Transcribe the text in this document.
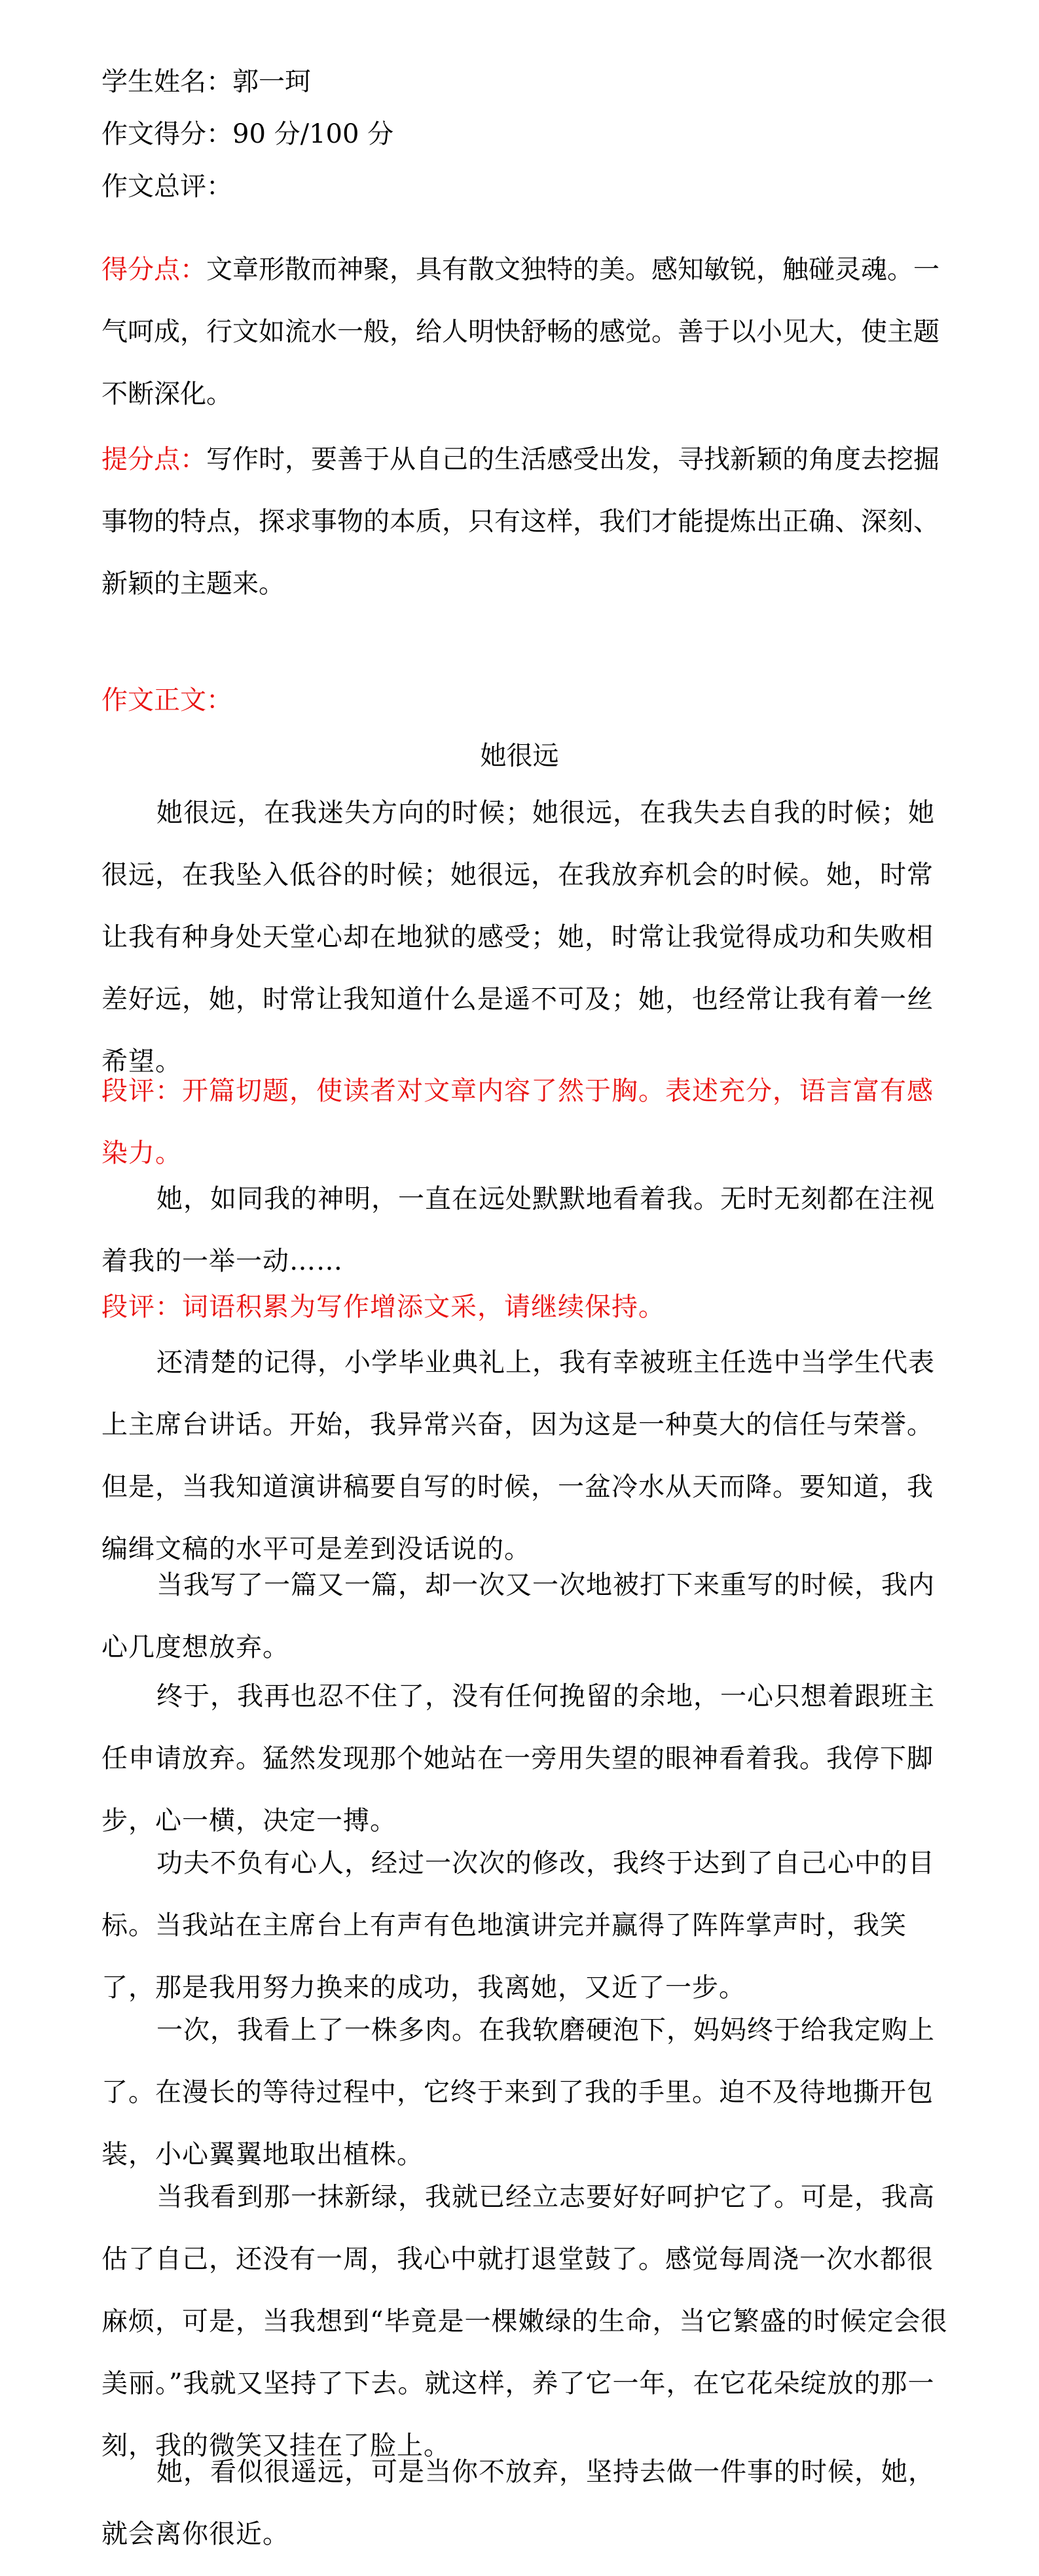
学生姓名：郭一珂
作文得分：90 分/100 分
作文总评：
得分点：文章形散而神聚，具有散文独特的美。感知敏锐，触碰灵魂。一气呵成，行文如流水一般，给人明快舒畅的感觉。善于以小见大，使主题不断深化。
提分点：写作时，要善于从自己的生活感受出发，寻找新颖的角度去挖掘事物的特点，探求事物的本质，只有这样，我们才能提炼出正确、深刻、新颖的主题来。
作文正文：
她很远
她很远，在我迷失方向的时候；她很远，在我失去自我的时候；她很远，在我坠入低谷的时候；她很远，在我放弃机会的时候。她，时常让我有种身处天堂心却在地狱的感受；她，时常让我觉得成功和失败相差好远，她，时常让我知道什么是遥不可及；她，也经常让我有着一丝希望。
段评：开篇切题，使读者对文章内容了然于胸。表述充分，语言富有感染力。
她，如同我的神明，一直在远处默默地看着我。无时无刻都在注视着我的一举一动……
段评：词语积累为写作增添文采，请继续保持。
还清楚的记得，小学毕业典礼上，我有幸被班主任选中当学生代表上主席台讲话。开始，我异常兴奋，因为这是一种莫大的信任与荣誉。但是，当我知道演讲稿要自写的时候，一盆冷水从天而降。要知道，我编缉文稿的水平可是差到没话说的。
当我写了一篇又一篇，却一次又一次地被打下来重写的时候，我内心几度想放弃。
终于，我再也忍不住了，没有任何挽留的余地，一心只想着跟班主任申请放弃。猛然发现那个她站在一旁用失望的眼神看着我。我停下脚步，心一横，决定一搏。
功夫不负有心人，经过一次次的修改，我终于达到了自己心中的目标。当我站在主席台上有声有色地演讲完并赢得了阵阵掌声时，我笑了，那是我用努力换来的成功，我离她，又近了一步。
一次，我看上了一株多肉。在我软磨硬泡下，妈妈终于给我定购上了。在漫长的等待过程中，它终于来到了我的手里。迫不及待地撕开包装，小心翼翼地取出植株。
当我看到那一抹新绿，我就已经立志要好好呵护它了。可是，我高估了自己，还没有一周，我心中就打退堂鼓了。感觉每周浇一次水都很麻烦，可是，当我想到“毕竟是一棵嫩绿的生命，当它繁盛的时候定会很美丽。”我就又坚持了下去。就这样，养了它一年，在它花朵绽放的那一刻，我的微笑又挂在了脸上。
她，看似很遥远，可是当你不放弃，坚持去做一件事的时候，她，就会离你很近。
